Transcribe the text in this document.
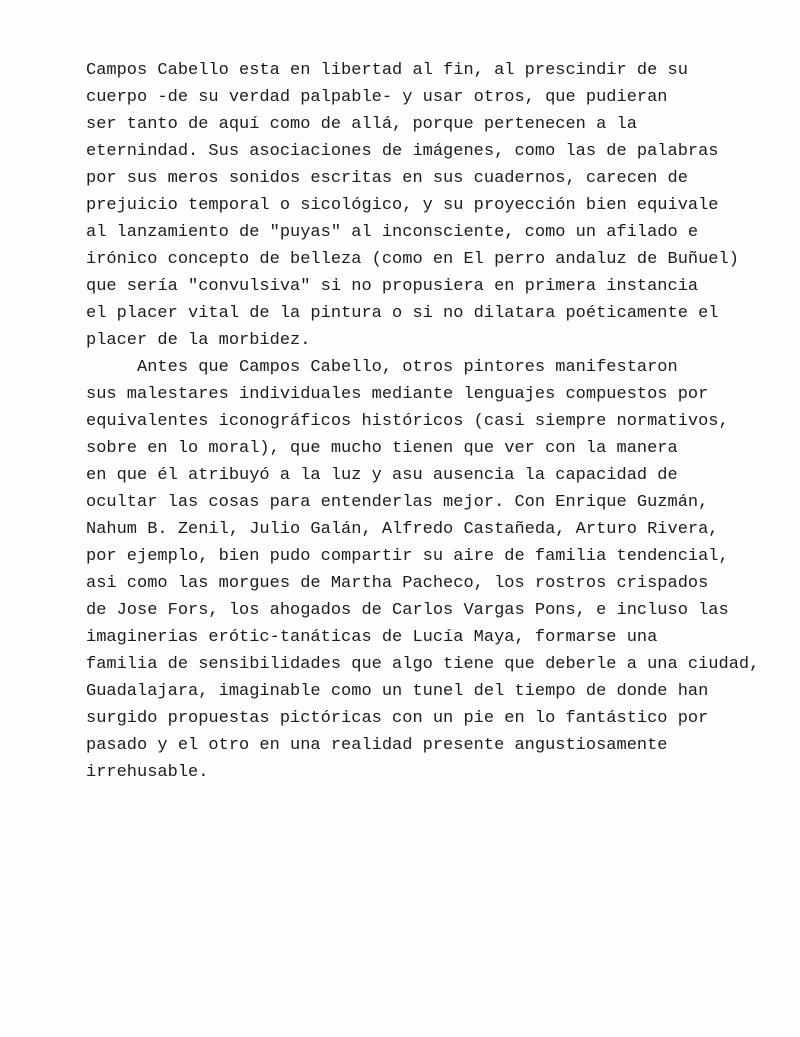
Campos Cabello esta en libertad al fin, al prescindir de su
cuerpo -de su verdad palpable- y usar otros, que pudieran
ser tanto de aquí como de allá, porque pertenecen a la
eternindad. Sus asociaciones de imágenes, como las de palabras
por sus meros sonidos escritas en sus cuadernos, carecen de
prejuicio temporal o sicológico, y su proyección bien equivale
al lanzamiento de "puyas" al inconsciente, como un afilado e
irónico concepto de belleza (como en El perro andaluz de Buñuel)
que sería "convulsiva" si no propusiera en primera instancia
el placer vital de la pintura o si no dilatara poéticamente el
placer de la morbidez.
Antes que Campos Cabello, otros pintores manifestaron
sus malestares individuales mediante lenguajes compuestos por
equivalentes iconográficos históricos (casi siempre normativos,
sobre en lo moral), que mucho tienen que ver con la manera
en que él atribuyó a la luz y asu ausencia la capacidad de
ocultar las cosas para entenderlas mejor. Con Enrique Guzmán,
Nahum B. Zenil, Julio Galán, Alfredo Castañeda, Arturo Rivera,
por ejemplo, bien pudo compartir su aire de familia tendencial,
asi como las morgues de Martha Pacheco, los rostros crispados
de Jose Fors, los ahogados de Carlos Vargas Pons, e incluso las
imaginerias erótic-tanáticas de Lucía Maya, formarse una
familia de sensibilidades que algo tiene que deberle a una ciudad,
Guadalajara, imaginable como un tunel del tiempo de donde han
surgido propuestas pictóricas con un pie en lo fantástico por
pasado y el otro en una realidad presente angustiosamente
irrehusable.
